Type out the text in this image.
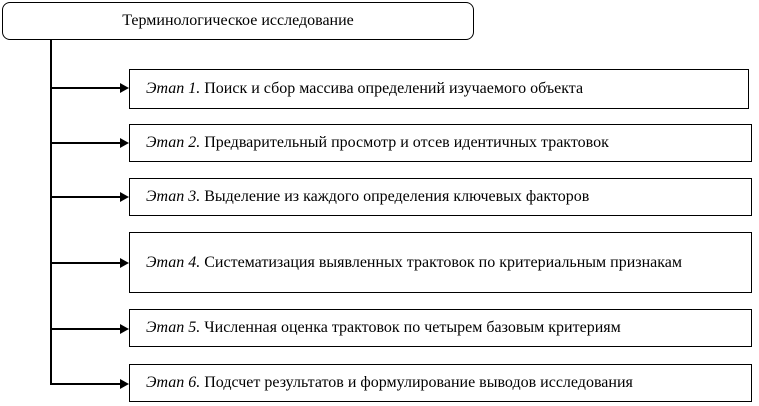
Терминологическое исследование
Этап 1. Поиск и сбор массива определений изучаемого объекта
Этап 2. Предварительный просмотр и отсев идентичных трактовок
Этап 3. Выделение из каждого определения ключевых факторов
Этап 4. Систематизация выявленных трактовок по критериальным признакам
Этап 5. Численная оценка трактовок по четырем базовым критериям
Этап 6. Подсчет результатов и формулирование выводов исследования
